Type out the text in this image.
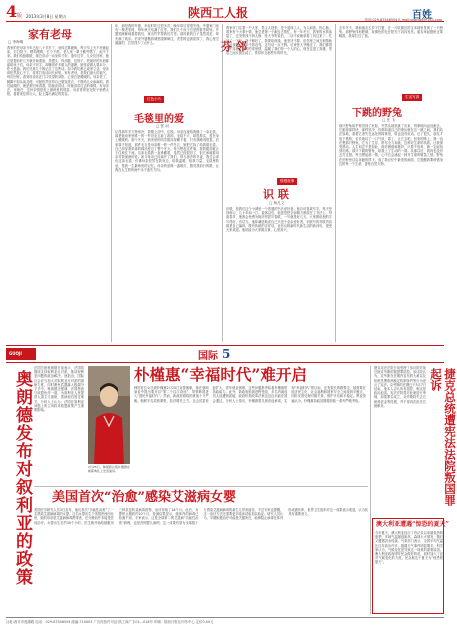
4 版 2013年3月8日 星期五	陕西工人报	百姓
电话:029-87546554 E-mail:sxgrbbx@163.com
家有老母
□ 李海明
我家的老母亲今年已经八十多岁了，身体还算硬朗，每天早上天不亮就起床，打扫院子，喂鸡喂鸭，忙个不停。老人家一辈子勤劳惯了，闲不下来。我们劝她歇歇，她总说动一动身体才好。逢年过节，儿女们回家，她总是提前好几天就开始准备，蒸馒头、炸油糕、包饺子，把最好的东西都留给孩子们。母亲不识字，却懂得许多做人的道理，她常说做人要本分，吃亏是福。我们兄妹几个都记住了这些话。如今我们都已成家立业，母亲却依然放心不下，常常打电话问长问短。家有老母，是我们最大的福气。每次回家，看到母亲站在门口张望的身影，心里总是暖暖的。母亲老了，腿脚不如从前灵便，可她依然坚持自己做饭洗衣，不愿给儿女添麻烦。我们能做的，就是常回家看看，陪她说说话，听她讲讲过去的事情。有母亲在，家就在，这份亲情是世上最珍贵的财富。母亲常常坐在院子里晒太阳，看着来往的行人，脸上露出满足的笑容。
年，那是我的外婆，年轻时吃过很多苦，晚年却过得很安逸。外婆家门前有一棵老枣树，每年秋天结满了红枣，我们几个孩子总是围着枣树转。外婆笑眯眯地看着我们，拿出竹竿帮我们打枣。那时候的日子虽然清贫，却充满了欢乐。后来外婆搬到城里跟舅舅住，老枣树也被砍掉了，我心里空落落的，总觉得少了点什么。
红色小片
毛毯里的爱
□ 张 羽
记得那年冬天特别冷，我刚上初中，住校。母亲连夜给我缝了一条毛毯，那是她用家里唯一的一件旧毛衣拆了改的。毛毯不大，却很厚实，盖在身上暖暖的。那个冬天，宿舍里的同学都冻得睡不着，只有我睡得很香。后来我才知道，那件毛衣是母亲唯一的一件冬衣，她把它拆了给我做毛毯，自己却穿着单薄的棉袄度过了整个冬天。每当想起这件事，我的眼泪就止不住地往下流。这条毛毯我一直珍藏着，虽然已经很旧了，但它承载着母亲对我深深的爱。如今母亲已经离开了我们，每当寒冷的冬夜，我总会拿出这条毛毯，仿佛母亲依然在我身边，给我温暖，给我力量。毛毯里的爱，是我一生最珍贵的记忆。母亲的爱像一盏明灯，照亮我前行的路，让我在人生的风雨中永不迷失方向。
芬 邻
我家对门住着一户人家，男主人姓张，是个退休工人，为人和善，热心肠。谁家有个大事小情，他总是第一个跑过去帮忙。有一年冬天，我家的水管冻裂了，正发愁找不到人修，张大爷听说后，二话不说就拿着工具过来了，忙活了一下午，终于修好了。我要给他钱，他坚决不要，说邻里之间互相帮助是应该的。远亲不如近邻，这句话一点不假。后来张大爷搬走了，我们都很舍不得他。芬芳的邻里情，温暖了我们每一个人的心。现在住进了高楼，邻居之间反倒生疏了，常常怀念那些年的时光。
情感故事
识 联
□ 杨凡义
识联，是我们这个小城里一个普通的书法爱好者。他自幼喜欢写字，每天坚持练习，几十年如一日。退休以后，他更是把全部精力都放在了书法上。每逢春节，他都会免费为街坊邻居写春联，一写就是好几天。大家都说他的字写得好，有功力。他却谦虚地说自己只是个业余爱好者。识联写的对联内容都是自己编的，既有传统的吉祥话，也有反映新时代新生活的新词句，很受大家欢迎。他说能为大家做点事，心里高兴。
去年冬天，我和朋友去乡下打猎，在一片收割后的玉米地里发现了一只野兔。那野兔体形肥硕，灰褐色的毛在阳光下闪闪发亮。朋友举起猎枪正要瞄准，我却拦住了他。
生活写真
下跳的野兔
□ 任 飞
那只野兔似乎察觉到了危险，突然从地里跳了出来，拼命地向远处跑去。它跑得那样快，那样坚决，仿佛知道自己的命运就在这一跳之间。我们站在原地，看着它消失在远处的树林里，谁也没有说话。过了很久，朋友才放下猎枪，长长地叹了一口气说，算了，让它去吧。回来的路上，我一直在想那只野兔。它为了生存，拼尽全力奔跑，这种对生命的执着，让我深受感动。人生何尝不是如此，面对困难和挫折，只要不放弃，就一定能找到出路。那只下跳的野兔，给我上了生动的一课。从那以后，我再也没有去打过猎。每当想起那一幕，心中总会涌起一种对生命的敬畏之情。野兔在田野里自由奔跑的样子，成了我记忆中最美的画面，它提醒我要珍惜身边的每一个生命，善待自然万物。
GUOJI	国际 5
奥朗德发布对叙利亚的政策
法国总统奥朗德日前表示，法国将继续支持叙利亚反对派，推动叙利亚问题的政治解决。他指出，国际社会应当加大对叙利亚反对派的援助力度，同时避免武器落入极端分子手中。奥朗德还强调，法国愿意与欧盟伙伴一道，为叙利亚人民提供人道主义援助，帮助他们度过难关。分析人士认为，法国在叙利亚问题上的立场将对欧盟政策产生重要影响。
2月25日，韩国新总统朴槿惠在就职典礼上发表演讲。
朴槿惠“幸福时代”难开启
韩国首位女总统朴槿惠2月25日宣誓就职，她在就职演说中提出要开启“第二个汉江奇迹”，带领韩国进入“国民幸福时代”。然而，新政府面临的挑战十分严峻。朝鲜半岛局势紧张，经济增长乏力，社会贫富差距扩大，青年就业困难，这些问题都考验着朴槿惠的执政能力。此外，新政府组阁进程受阻，多名内阁成员人选遭到质疑，政府机构改革法案也迟迟未能在国会通过。分析人士指出，朴槿惠要兑现竞选承诺，实现“幸福时代”的目标，还有很长的路要走。她需要在经济民主化、社会福利和国家安全之间找到平衡点，同时妥善处理对朝关系，维护半岛和平稳定。舆论普遍认为，朴槿惠执政初期将面临一系列严峻考验。
捷克宪法法院日前受理了参议院对前总统克劳斯的叛国罪指控。参议院认为，克劳斯在任期内宣布的大赦以及拒绝签署欧洲稳定机制条约等行为违反了宪法。克劳斯的任期已于3月7日结束，他本人否认所有指控，称这是政治迫害。宪法法院将对此案进行审理，如果罪名成立，克劳斯将失去总统养老金等待遇，并不得再次担任总统职务。	捷克总统遭宪法法院叛国罪起诉
美国首次“治愈”感染艾滋病女婴
美国医学研究人员3日宣布，他们首次“功能性治愈”了一名感染艾滋病病毒的女婴。这名女婴出生于美国密西西比州，她的母亲是艾滋病病毒携带者，在分娩前并未接受任何治疗。女婴出生后约30个小时，医生就开始给她服用三种抗逆转录病毒药物，治疗持续了18个月。此后，女婴停止服药约10个月，检测结果显示，她体内的病毒已检测不到。专家表示，这是全球第二例艾滋病“功能性治愈”病例，也是首例婴儿病例，这一成果有望为全球数十万感染艾滋病病毒的新生儿带来福音。不过专家也提醒，这一治疗方法还需要更多临床试验加以验证。研究人员认为，早期积极治疗可能是关键所在，能够阻止病毒在体内形成潜伏库。世界卫生组织对这一成果表示欢迎，认为其具有重要意义。
澳大利亚遭遇“惊恐的夏天”
今年夏天，澳大利亚经历了有记录以来最炎热的夏季，多地气温屡创新高，森林大火频发，随后又遭遇洪水侵袭。气象部门表示，全国平均气温比往年高出许多，极端天气事件明显增多。科学家认为，气候变化是导致这一现象的重要原因。澳大利亚政府呼吁民众做好防范，同时加大了应对气候变化的力度。民众称这个夏天为“惊恐的夏天”。
社址:西安市莲湖路 电话：029-87546554 邮编:710003 广告经营许可证:陕工商广字01—018号 印刷：陕西日报社印务中心 定价0.50元
